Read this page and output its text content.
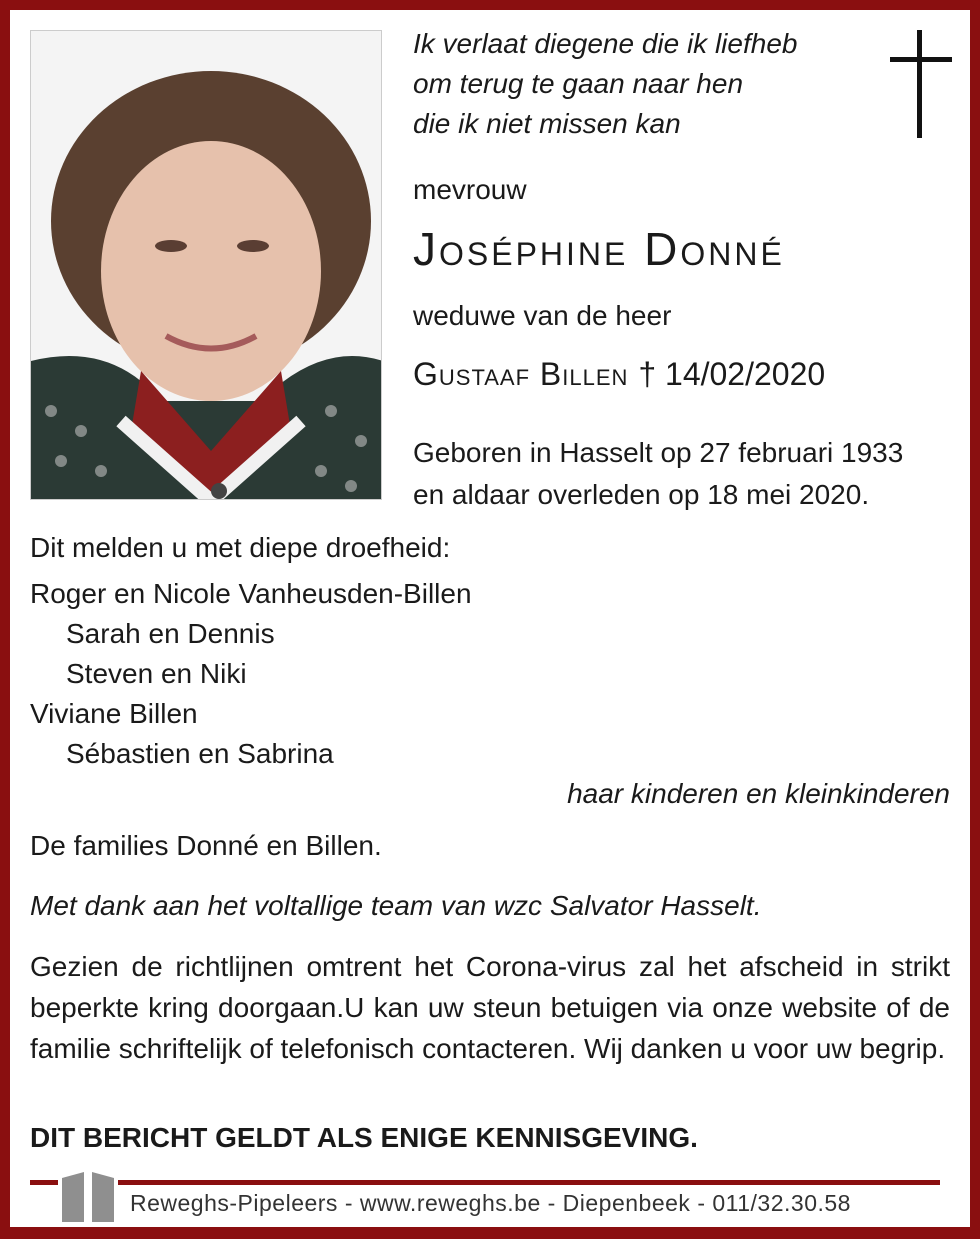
Ik verlaat diegene die ik liefheb
om terug te gaan naar hen
die ik niet missen kan
mevrouw
Joséphine Donné
weduwe van de heer
Gustaaf Billen † 14/02/2020
Geboren in Hasselt op 27 februari 1933
en aldaar overleden op 18 mei 2020.
Dit melden u met diepe droefheid:
Roger en Nicole Vanheusden-Billen
Sarah en Dennis
Steven en Niki
Viviane Billen
Sébastien en Sabrina
haar kinderen en kleinkinderen
De families Donné en Billen.
Met dank aan het voltallige team van wzc Salvator Hasselt.
Gezien de richtlijnen omtrent het Corona-virus zal het afscheid in strikt beperkte kring doorgaan.U kan uw steun betuigen via onze website of de familie schriftelijk of telefonisch contacteren. Wij danken u voor uw begrip.
DIT BERICHT GELDT ALS ENIGE KENNISGEVING.
Reweghs-Pipeleers - www.reweghs.be - Diepenbeek - 011/32.30.58
